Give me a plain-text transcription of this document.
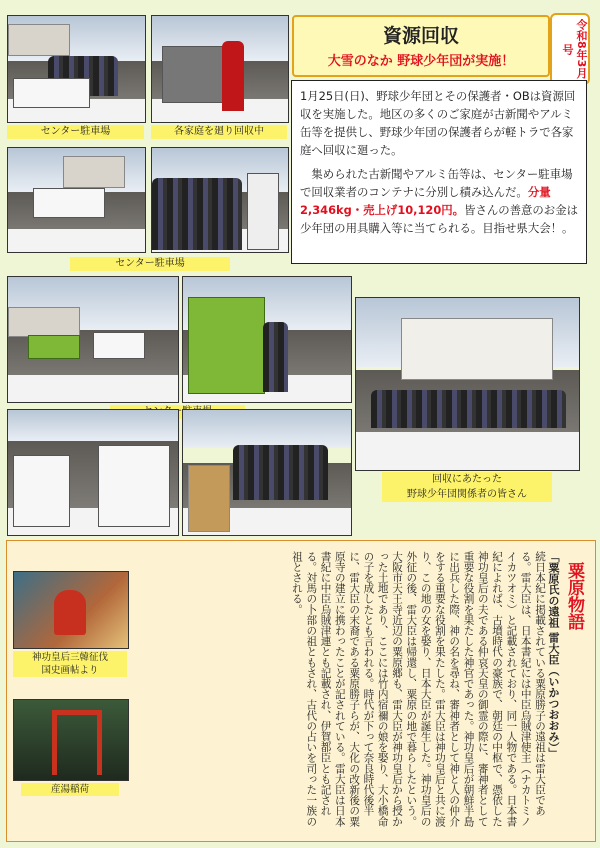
センター駐車場	各家庭を廻り回収中
資源回収
大雪のなか 野球少年団が実施！	令和8年3月号

1月25日(日)、野球少年団とその保護者・OBは資源回収を実施した。地区の多くのご家庭が古新聞やアルミ缶等を提供し、野球少年団の保護者らが軽トラで各家庭へ回収に廻った。

　集められた古新聞やアルミ缶等は、センター駐車場で回収業者のコンテナに分別し積み込んだ。分量2,346kg・売上げ10,120円。皆さんの善意のお金は少年団の用具購入等に当てられる。目指せ県大会！。

センター駐車場
回収にあたった
野球少年団関係者の皆さん
粟原物語
「粟原氏の遠祖 雷大臣（いかつおおみ）」
続日本紀に掲載されている粟原勝子の遠祖は雷大臣である。雷大臣は、日本書紀には中臣烏賊津使主（ナカトミノイカツオミ）と記載されており、同一人物である。日本書紀によれば、古墳時代の豪族で、朝廷の中枢で、憑依した神功皇后の夫である仲哀天皇の御霊の際に、審神者として重要な役割を果たした神官であった。神功皇后が朝鮮半島に出兵した際、神の名を尋ね、審神者として神と人の仲介をする重要な役割を果たした。雷大臣は神功皇后と共に渡り、この地の女を娶り、日本大臣が誕生した。神功皇后の外征の後、雷大臣は帰還し、粟原の地で暮らしたという。大阪市天王寺近辺の粟原郷も、雷大臣が神功皇后から授かった土地であり、ここには竹内宿禰の娘を娶り、大小橋命の子を成したとも言われる。時代が下って奈良時代後半に、雷大臣の末裔である粟原勝子らが、大化の改新後の粟原寺の建立に携わったことが記されている。雷大臣は日本書紀に中臣烏賊津連とも記載され、伊賀都臣とも記される。対馬の卜部の祖ともされ、古代の占いを司った一族の祖とされる。
神功皇后三韓征伐
国史画帖より
産湯稲荷
